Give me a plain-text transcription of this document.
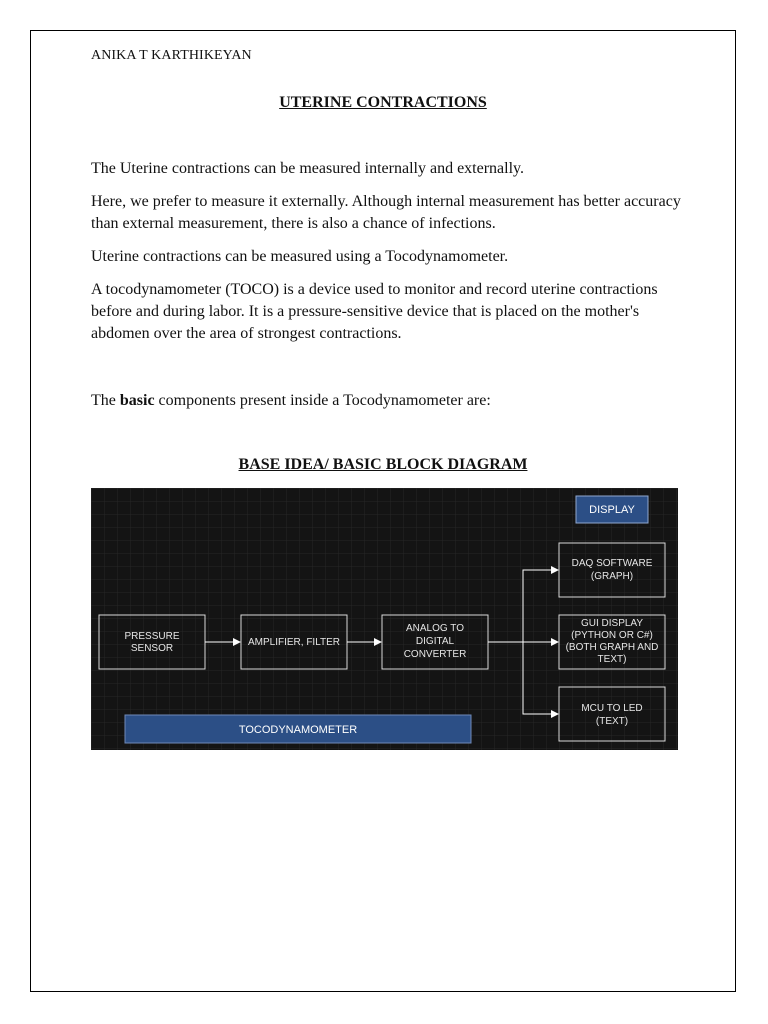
ANIKA T KARTHIKEYAN
UTERINE CONTRACTIONS
The Uterine contractions can be measured internally and externally.
Here, we prefer to measure it externally. Although internal measurement has better accuracy than external measurement, there is also a chance of infections.
Uterine contractions can be measured using a Tocodynamometer.
A tocodynamometer (TOCO) is a device used to monitor and record uterine contractions before and during labor. It is a pressure-sensitive device that is placed on the mother's abdomen over the area of strongest contractions.
The basic components present inside a Tocodynamometer are:
BASE IDEA/ BASIC BLOCK DIAGRAM
DISPLAY
PRESSURE
SENSOR
AMPLIFIER, FILTER
ANALOG TO
DIGITAL
CONVERTER
DAQ SOFTWARE
(GRAPH)
GUI DISPLAY
(PYTHON OR C#)
(BOTH GRAPH AND
TEXT)
MCU TO LED
(TEXT)
TOCODYNAMOMETER
